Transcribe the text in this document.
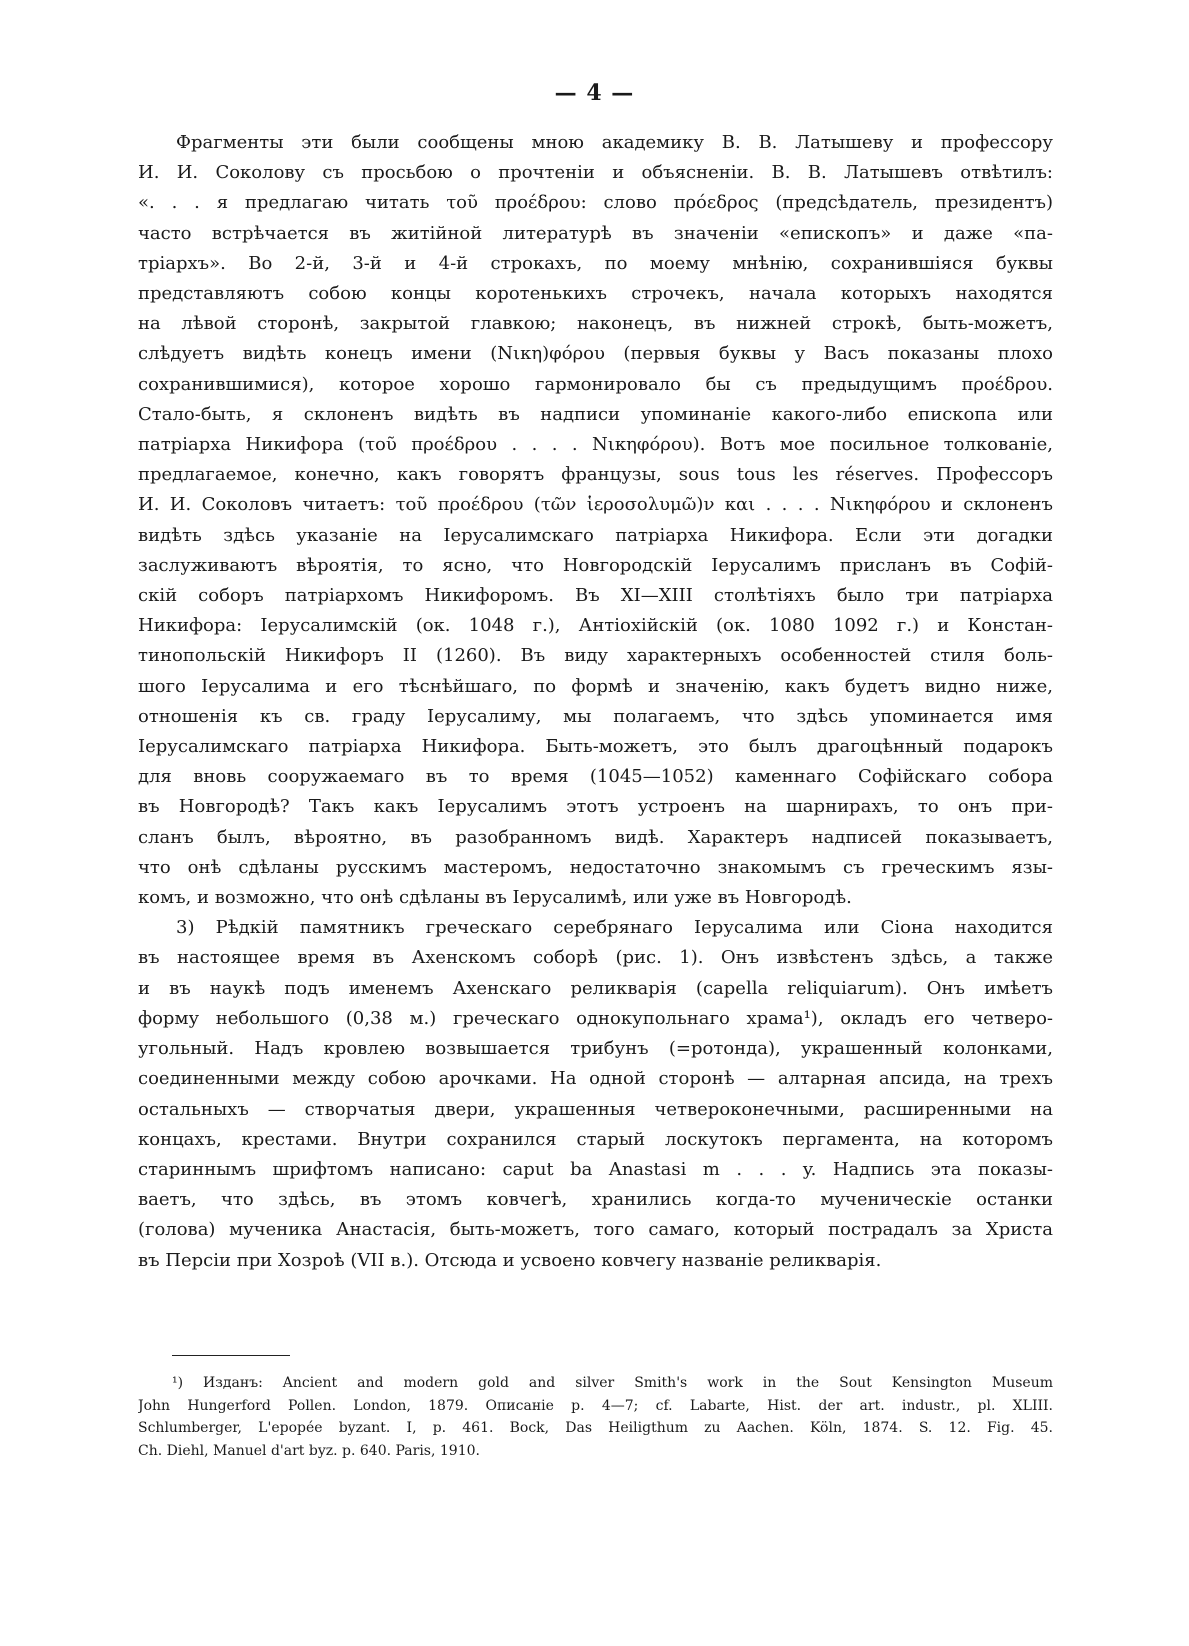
— 4 —
Фрагменты эти были сообщены мною академику В. В. Латышеву и профессору
И. И. Соколову съ просьбою о прочтеніи и объясненіи. В. В. Латышевъ отвѣтилъ:
«. . . я предлагаю читать τοῦ προέδρου: слово πρόεδρος (предсѣдатель, президентъ)
часто встрѣчается въ житійной литературѣ въ значеніи «епископъ» и даже «па-
тріархъ». Во 2-й, 3-й и 4-й строкахъ, по моему мнѣнію, сохранившіяся буквы
представляютъ собою концы коротенькихъ строчекъ, начала которыхъ находятся
на лѣвой сторонѣ, закрытой главкою; наконецъ, въ нижней строкѣ, быть-можетъ,
слѣдуетъ видѣть конецъ имени (Νικη)φόρου (первыя буквы у Васъ показаны плохо
сохранившимися), которое хорошо гармонировало бы съ предыдущимъ προέδρου.
Стало-быть, я склоненъ видѣть въ надписи упоминаніе какого-либо епископа или
патріарха Никифора (τοῦ προέδρου . . . . Νικηφόρου). Вотъ мое посильное толкованіе,
предлагаемое, конечно, какъ говорятъ французы, sous tous les réserves. Профессоръ
И. И. Соколовъ читаетъ: τοῦ προέδρου (τῶν ἱεροσολυμῶ)ν και . . . . Νικηφόρου и склоненъ
видѣть здѣсь указаніе на Іерусалимскаго патріарха Никифора. Если эти догадки
заслуживаютъ вѣроятія, то ясно, что Новгородскій Іерусалимъ присланъ въ Софій-
скій соборъ патріархомъ Никифоромъ. Въ XI—XIII столѣтіяхъ было три патріарха
Никифора: Іерусалимскій (ок. 1048 г.), Антіохійскій (ок. 1080 1092 г.) и Констан-
тинопольскій Никифоръ II (1260). Въ виду характерныхъ особенностей стиля боль-
шого Іерусалима и его тѣснѣйшаго, по формѣ и значенію, какъ будетъ видно ниже,
отношенія къ св. граду Іерусалиму, мы полагаемъ, что здѣсь упоминается имя
Іерусалимскаго патріарха Никифора. Быть-можетъ, это былъ драгоцѣнный подарокъ
для вновь сооружаемаго въ то время (1045—1052) каменнаго Софійскаго собора
въ Новгородѣ? Такъ какъ Іерусалимъ этотъ устроенъ на шарнирахъ, то онъ при-
сланъ былъ, вѣроятно, въ разобранномъ видѣ. Характеръ надписей показываетъ,
что онѣ сдѣланы русскимъ мастеромъ, недостаточно знакомымъ съ греческимъ язы-
комъ, и возможно, что онѣ сдѣланы въ Іерусалимѣ, или уже въ Новгородѣ.
3) Рѣдкій памятникъ греческаго серебрянаго Іерусалима или Сіона находится
въ настоящее время въ Ахенскомъ соборѣ (рис. 1). Онъ извѣстенъ здѣсь, а также
и въ наукѣ подъ именемъ Ахенскаго реликварія (capella reliquiarum). Онъ имѣетъ
форму небольшого (0,38 м.) греческаго однокупольнаго храма¹), окладъ его четверо-
угольный. Надъ кровлею возвышается трибунъ (=ротонда), украшенный колонками,
соединенными между собою арочками. На одной сторонѣ — алтарная апсида, на трехъ
остальныхъ — створчатыя двери, украшенныя четвероконечными, расширенными на
концахъ, крестами. Внутри сохранился старый лоскутокъ пергамента, на которомъ
стариннымъ шрифтомъ написано: caput ba Anastasi m . . . y. Надпись эта показы-
ваетъ, что здѣсь, въ этомъ ковчегѣ, хранились когда-то мученическіе останки
(голова) мученика Анастасія, быть-можетъ, того самаго, который пострадалъ за Христа
въ Персіи при Хозроѣ (VII в.). Отсюда и усвоено ковчегу названіе реликварія.
¹) Изданъ: Ancient and modern gold and silver Smith's work in the Sout Kensington Museum
John Hungerford Pollen. London, 1879. Описаніе p. 4—7; cf. Labarte, Hist. der art. industr., pl. XLIII.
Schlumberger, L'epopée byzant. I, p. 461. Bock, Das Heiligthum zu Aachen. Köln, 1874. S. 12. Fig. 45.
Ch. Diehl, Manuel d'art byz. p. 640. Paris, 1910.
